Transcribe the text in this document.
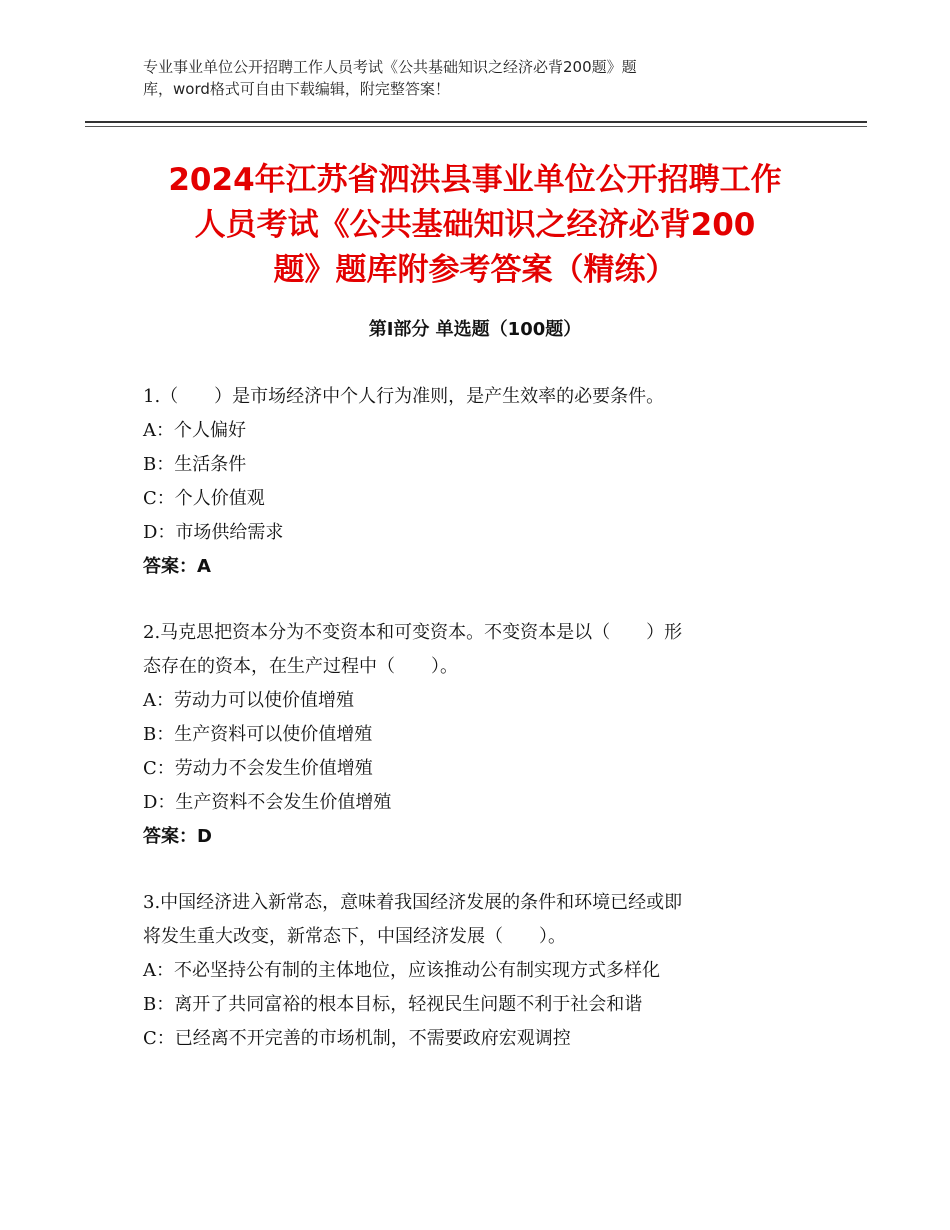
专业事业单位公开招聘工作人员考试《公共基础知识之经济必背200题》题
库，word格式可自由下载编辑，附完整答案！
2024年江苏省泗洪县事业单位公开招聘工作
人员考试《公共基础知识之经济必背200
题》题库附参考答案（精练）
第Ⅰ部分 单选题（100题）
1.（　　）是市场经济中个人行为准则，是产生效率的必要条件。
A：个人偏好
B：生活条件
C：个人价值观
D：市场供给需求
答案：A
2.马克思把资本分为不变资本和可变资本。不变资本是以（　　）形
态存在的资本，在生产过程中（　　）。
A：劳动力可以使价值增殖
B：生产资料可以使价值增殖
C：劳动力不会发生价值增殖
D：生产资料不会发生价值增殖
答案：D
3.中国经济进入新常态，意味着我国经济发展的条件和环境已经或即
将发生重大改变，新常态下，中国经济发展（　　）。
A：不必坚持公有制的主体地位，应该推动公有制实现方式多样化
B：离开了共同富裕的根本目标，轻视民生问题不利于社会和谐
C：已经离不开完善的市场机制，不需要政府宏观调控
